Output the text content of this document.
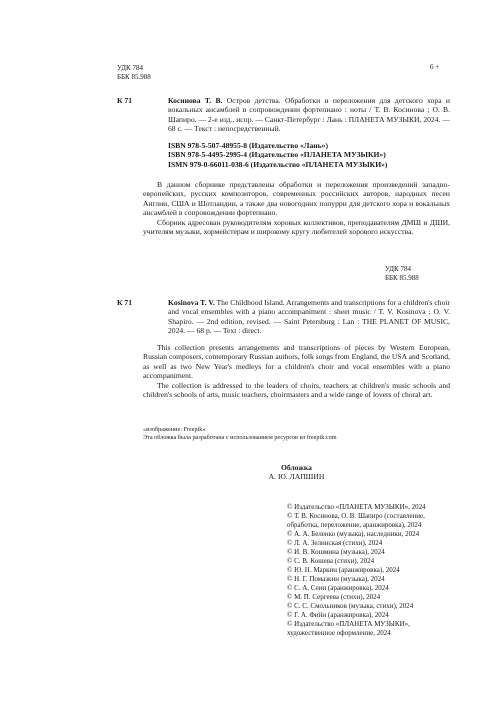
УДК 784
ББК 85.988
6 +
К 71	Косинова Т. В. Остров детства. Обработки и переложения для детского хора и вокальных ансамблей в сопровождении фортепиано : ноты / Т. В. Косинова ; О. В. Шапиро. — 2-е изд., испр. — Санкт-Петербург : Лань : ПЛАНЕТА МУЗЫКИ, 2024. — 68 с. — Текст : непосредственный.
ISBN 978-5-507-48955-8 (Издательство «Лань»)
ISBN 978-5-4495-2995-4 (Издательство «ПЛАНЕТА МУЗЫКИ»)
ISMN 979-0-66011-038-6 (Издательство «ПЛАНЕТА МУЗЫКИ»)
В данном сборнике представлены обработки и переложения произведений западно-европейских, русских композиторов, современных российских авторов, народных песен Англии, США и Шотландии, а также два новогодних попурри для детского хора и вокальных ансамблей в сопровождении фортепиано.
Сборник адресован руководителям хоровых коллективов, преподавателям ДМШ и ДШИ, учителям музыки, хормейстерам и широкому кругу любителей хорового искусства.
УДК 784
ББК 85.988
К 71	Kosinova T. V. The Childhood Island. Arrangements and transcriptions for a children's choir and vocal ensembles with a piano accompaniment : sheet music / T. V. Kosinova ; O. V. Shapiro. — 2nd edition, revised. — Saint Petersburg : Lan : THE PLANET OF MUSIC, 2024. — 68 p. — Text : direct.
This collection presents arrangements and transcriptions of pieces by Western European, Russian composers, contemporary Russian authors, folk songs from England, the USA and Scotland, as well as two New Year's medleys for a children's choir and vocal ensembles with a piano accompaniment.
The collection is addressed to the leaders of choirs, teachers at children's music schools and children's schools of arts, music teachers, choirmasters and a wide range of lovers of choral art.
«изображение: Freepik»
Эта обложка была разработана с использованием ресурсов из freepik.com
Обложка
А. Ю. ЛАПШИН

© Издательство «ПЛАНЕТА МУЗЫКИ», 2024

© Т. В. Косинова, О. В. Шапиро (составление, обработка, переложение, аранжировка), 2024

© А. А. Беленко (музыка), наследники, 2024

© Л. А. Зелинская (стихи), 2024

© И. В. Кошмина (музыка), 2024

© С. В. Кошева (стихи), 2024

© Ю. Н. Маркин (аранжировка), 2024

© Н. Г. Помазкин (музыка), 2024

© С. А. Сеин (аранжировка), 2024

© М. П. Сергеева (стихи), 2024

© С. С. Смольников (музыка, стихи), 2024

© Г. А. Фийн (аранжировка), 2024

© Издательство «ПЛАНЕТА МУЗЫКИ», художественное оформление, 2024
